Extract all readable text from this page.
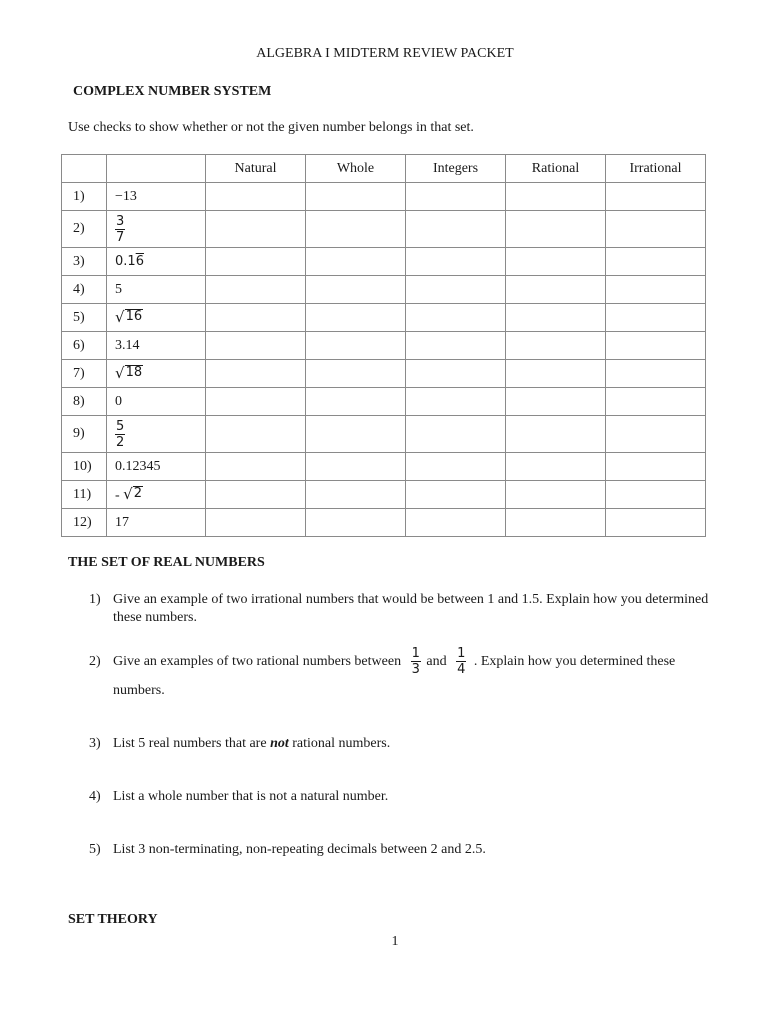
ALGEBRA I MIDTERM REVIEW PACKET
COMPLEX NUMBER SYSTEM
Use checks to show whether or not the given number belongs in that set.
		Natural	Whole	Integers	Rational	Irrational
1)	−13					
2)	$\frac{3}{7}$

3)	0.16					
4)	5					
5)	√ 16					

6)	3.14					
7)	√ 18					

8)	0					
9)	$\frac{5}{2}$

10)	0.12345					
11)	- √ 2					

12)	17					
THE SET OF REAL NUMBERS
1) Give an example of two irrational numbers that would be between 1 and 1.5. Explain how you determined these numbers.
2) Give an examples of two rational numbers between $\frac{1}{3}$ and $\frac{1}{4}$ . Explain how you determined these
numbers.
3) List 5 real numbers that are not rational numbers.
4) List a whole number that is not a natural number.
5) List 3 non-terminating, non-repeating decimals between 2 and 2.5.
SET THEORY
1
